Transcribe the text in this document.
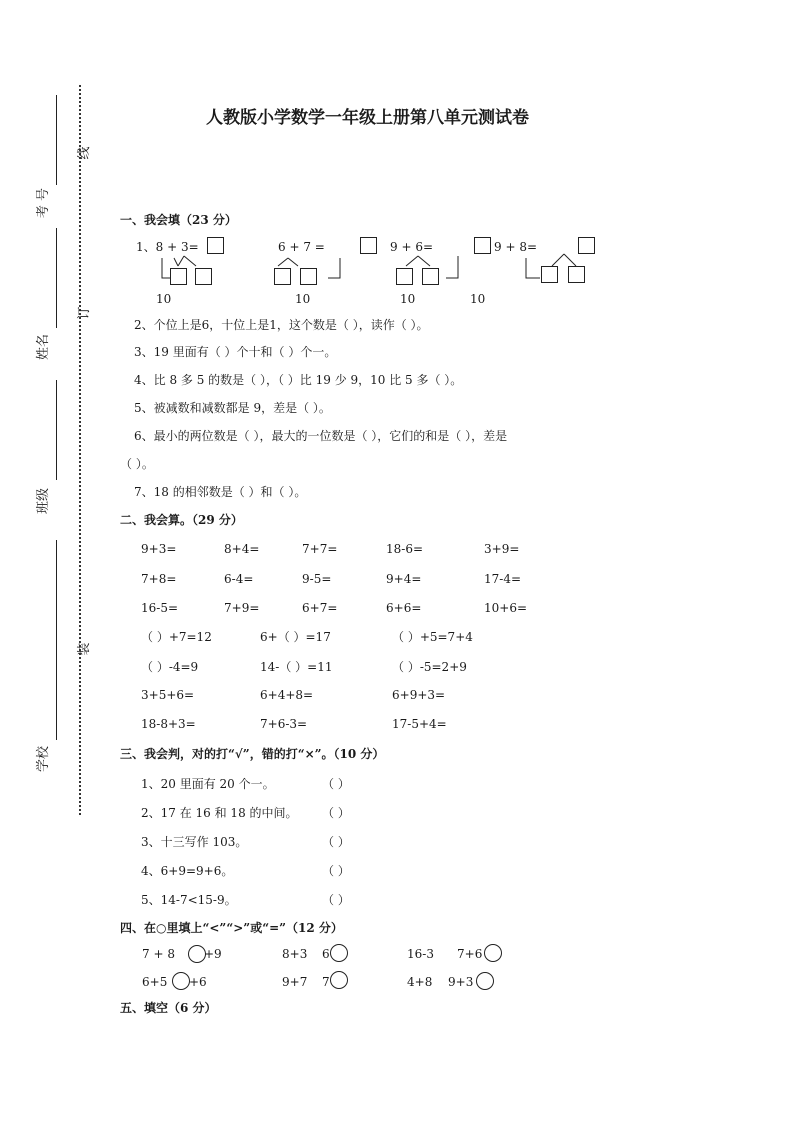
考 号
姓名
班级
学校
线
订
装
人教版小学数学一年级上册第八单元测试卷
一、我会填（23 分）
1、8 + 3=
10
6 + 7 =
10
9 + 6=
10	10
9 + 8=
2、个位上是6，十位上是1，这个数是（ ），读作（ ）。
3、19 里面有（ ）个十和（ ）个一。
4、比 8 多 5 的数是（ ），（ ）比 19 少 9，10 比 5 多（ ）。
5、被减数和减数都是 9，差是（ ）。
6、最小的两位数是（ ），最大的一位数是（ ），它们的和是（ ），差是
（ ）。
7、18 的相邻数是（ ）和（ ）。
二、我会算。（29 分）
9+3=	8+4=	7+7=	18-6=	3+9=
7+8=	6-4=	9-5=	9+4=	17-4=
16-5=	7+9=	6+7=	6+6=	10+6=
（ ）+7=12	6+（ ）=17	（ ）+5=7+4
（ ）-4=9	14-（ ）=11	（ ）-5=2+9
3+5+6=	6+4+8=	6+9+3=
18-8+3=	7+6-3=	17-5+4=
三、我会判，对的打“√”，错的打“×”。（10 分）
1、20 里面有 20 个一。	（ ）
2、17 在 16 和 18 的中间。 （ ）
3、十三写作 103。	（ ）
4、6+9=9+6。	（ ）
5、14-7<15-9。	（ ）
四、在○里填上“<”“>”或“=”（12 分）
7 + 8 +9	8+3 6	16-3 7+6
6+5 +6	9+7 7	4+8 9+3
五、填空（6 分）
